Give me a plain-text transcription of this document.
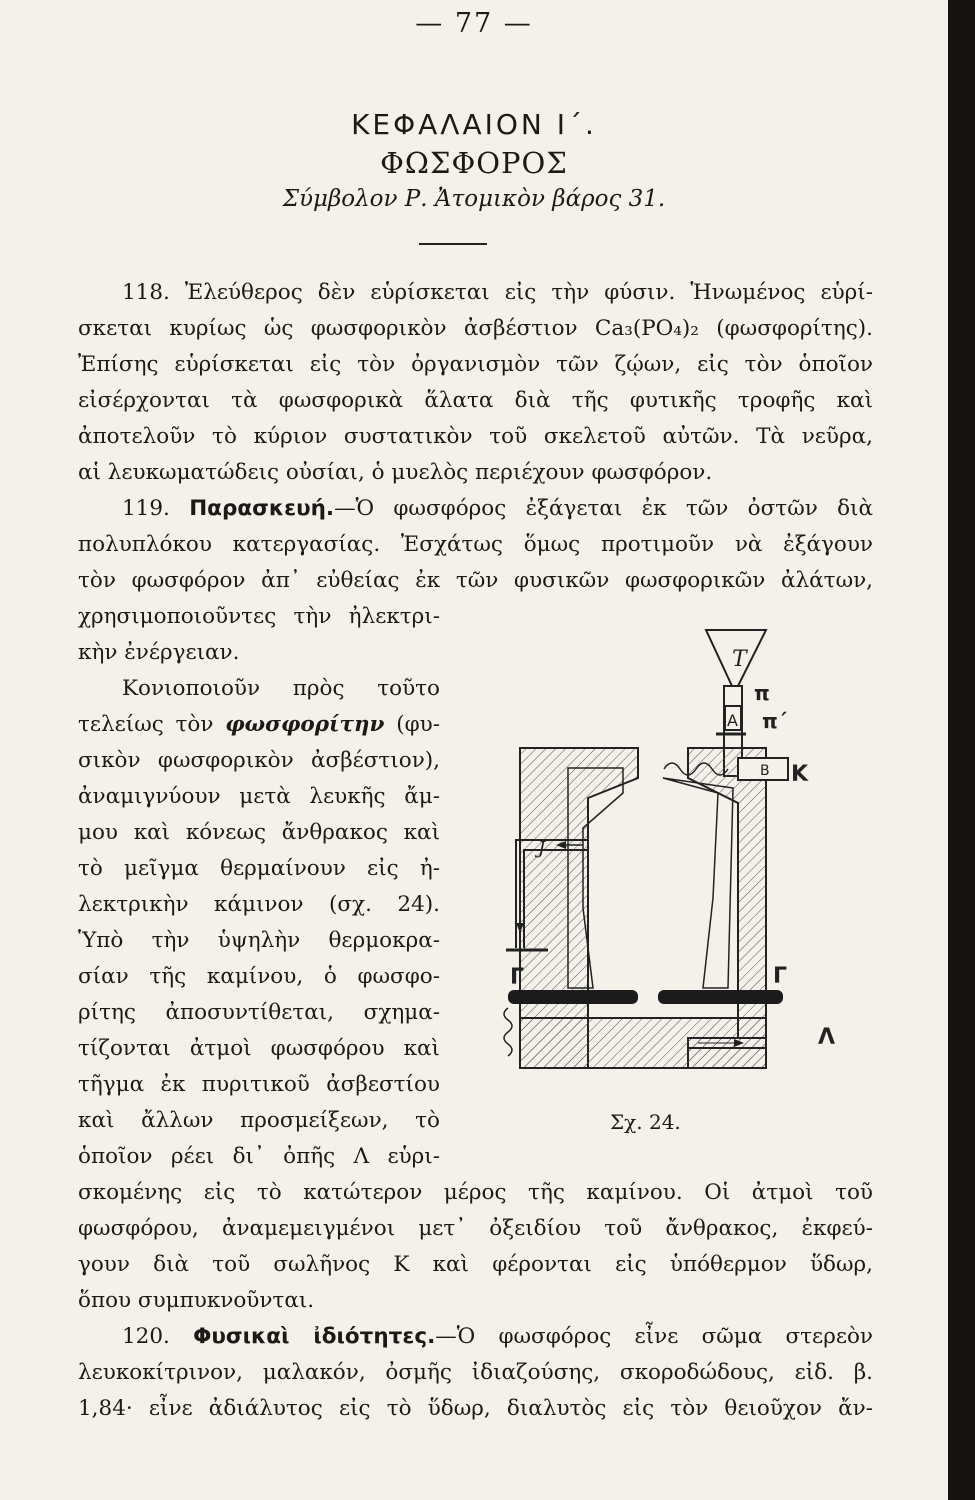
— 77 —
ΚΕΦΑΛΑΙΟΝ Ι΄.
ΦΩΣΦΟΡΟΣ
Σύμβολον Ρ. Ἀτομικὸν βάρος 31.
118. Ἐλεύθερος δὲν εὑρίσκεται εἰς τὴν φύσιν. Ἡνωμένος εὑρί-
σκεται κυρίως ὡς φωσφορικὸν ἀσβέστιον Ca₃(PO₄)₂ (φωσφορίτης).
Ἐπίσης εὑρίσκεται εἰς τὸν ὀργανισμὸν τῶν ζῴων, εἰς τὸν ὁποῖον
εἰσέρχονται τὰ φωσφορικὰ ἅλατα διὰ τῆς φυτικῆς τροφῆς καὶ
ἀποτελοῦν τὸ κύριον συστατικὸν τοῦ σκελετοῦ αὐτῶν. Τὰ νεῦρα,
αἱ λευκωματώδεις οὐσίαι, ὁ μυελὸς περιέχουν φωσφόρον.
119. Παρασκευή.—Ὁ φωσφόρος ἐξάγεται ἐκ τῶν ὀστῶν διὰ
πολυπλόκου κατεργασίας. Ἐσχάτως ὅμως προτιμοῦν νὰ ἐξάγουν
τὸν φωσφόρον ἀπ᾽ εὐθείας ἐκ τῶν φυσικῶν φωσφορικῶν ἀλάτων,
χρησιμοποιοῦντες τὴν ἠλεκτρι-
κὴν ἐνέργειαν.
Κονιοποιοῦν πρὸς τοῦτο
τελείως τὸν φωσφορίτην (φυ-
σικὸν φωσφορικὸν ἀσβέστιον),
ἀναμιγνύουν μετὰ λευκῆς ἄμ-
μου καὶ κόνεως ἄνθρακος καὶ
τὸ μεῖγμα θερμαίνουν εἰς ἠ-
λεκτρικὴν κάμινον (σχ. 24).
Ὑπὸ τὴν ὑψηλὴν θερμοκρα-
σίαν τῆς καμίνου, ὁ φωσφο-
ρίτης ἀποσυντίθεται, σχημα-
τίζονται ἀτμοὶ φωσφόρου καὶ
τῆγμα ἐκ πυριτικοῦ ἀσβεστίου
καὶ ἄλλων προσμείξεων, τὸ
ὁποῖον ρέει δι᾽ ὀπῆς Λ εὑρι-
σκομένης εἰς τὸ κατώτερον μέρος τῆς καμίνου. Οἱ ἀτμοὶ τοῦ
φωσφόρου, ἀναμεμειγμένοι μετ᾽ ὀξειδίου τοῦ ἄνθρακος, ἐκφεύ-
γουν διὰ τοῦ σωλῆνος Κ καὶ φέρονται εἰς ὑπόθερμον ὕδωρ,
ὅπου συμπυκνοῦνται.
120. Φυσικαὶ ἰδιότητες.—Ὁ φωσφόρος εἶνε σῶμα στερεὸν
λευκοκίτρινον, μαλακόν, ὀσμῆς ἰδιαζούσης, σκοροδώδους, εἰδ. β.
1,84· εἶνε ἀδιάλυτος εἰς τὸ ὕδωρ, διαλυτὸς εἰς τὸν θειοῦχον ἄν-
T
A
π
π΄
B Κ
J
Γ	Γ
Λ
Σχ. 24.
